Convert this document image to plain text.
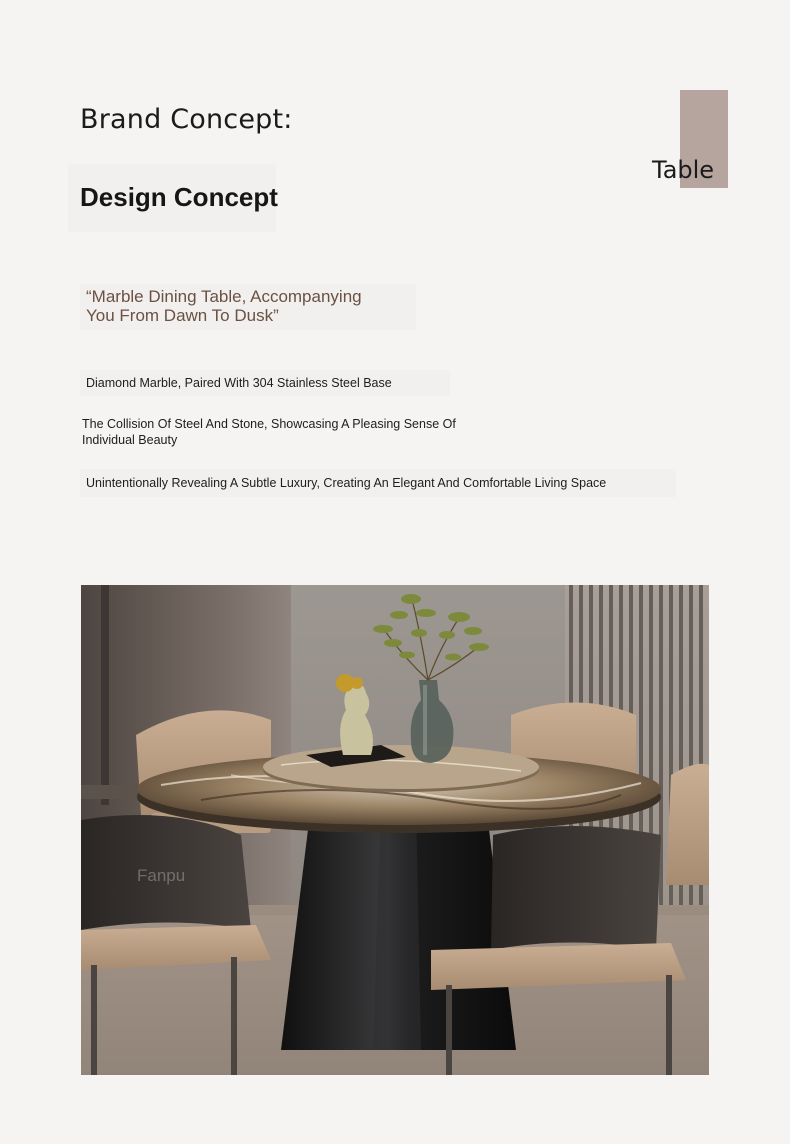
Brand Concept:
Table
Design Concept
“Marble Dining Table, Accompanying
You From Dawn To Dusk”
Diamond Marble, Paired With 304 Stainless Steel Base
The Collision Of Steel And Stone, Showcasing A Pleasing Sense Of Individual Beauty
Unintentionally Revealing A Subtle Luxury, Creating An Elegant And Comfortable Living Space
Fanpu
